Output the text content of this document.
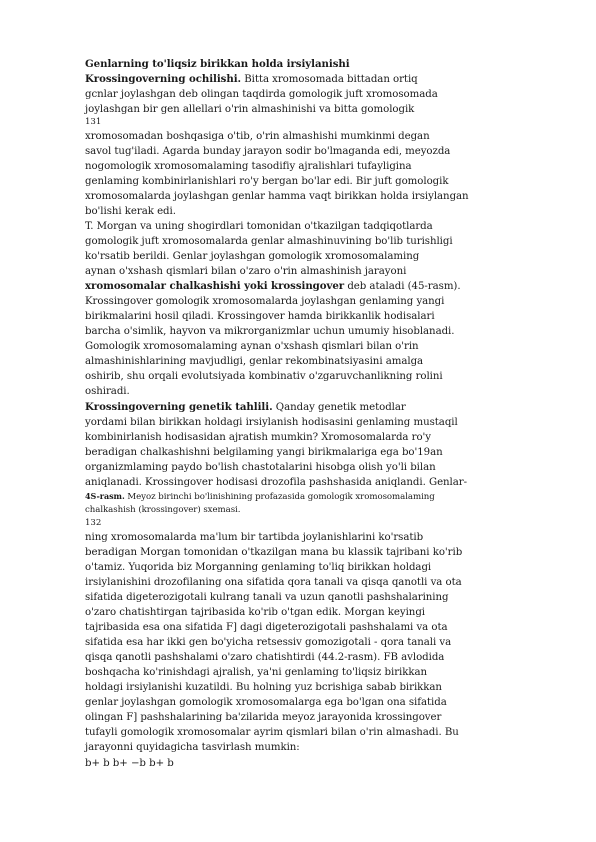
Genlarning to'liqsiz birikkan holda irsiylanishi
Krossingoverning ochilishi. Bitta xromosomada bittadan ortiq
gcnlar joylashgan deb olingan taqdirda gomologik juft xromosomada
joylashgan bir gen allellari o'rin almashinishi va bitta gomologik
131
xromosomadan boshqasiga o'tib, o'rin almashishi mumkinmi degan
savol tug'iladi. Agarda bunday jarayon sodir bo'lmaganda edi, meyozda
nogomologik xromosomalaming tasodifiy ajralishlari tufayligina
genlaming kombinirlanishlari ro'y bergan bo'lar edi. Bir juft gomologik
xromosomalarda joylashgan genlar hamma vaqt birikkan holda irsiylangan
bo'lishi kerak edi.
T. Morgan va uning shogirdlari tomonidan o'tkazilgan tadqiqotlarda
gomologik juft xromosomalarda genlar almashinuvining bo'lib turishligi
ko'rsatib berildi. Genlar joylashgan gomologik xromosomalaming
aynan o'xshash qismlari bilan o'zaro o'rin almashinish jarayoni
xromosomalar chalkashishi yoki krossingover deb ataladi (45-rasm).
Krossingover gomologik xromosomalarda joylashgan genlaming yangi
birikmalarini hosil qiladi. Krossingover hamda birikkanlik hodisalari
barcha o'simlik, hayvon va mikrorganizmlar uchun umumiy hisoblanadi.
Gomologik xromosomalaming aynan o'xshash qismlari bilan o'rin
almashinishlarining mavjudligi, genlar rekombinatsiyasini amalga
oshirib, shu orqali evolutsiyada kombinativ o'zgaruvchanlikning rolini
oshiradi.
Krossingoverning genetik tahlili. Qanday genetik metodlar
yordami bilan birikkan holdagi irsiylanish hodisasini genlaming mustaqil
kombinirlanish hodisasidan ajratish mumkin? Xromosomalarda ro'y
beradigan chalkashishni belgilaming yangi birikmalariga ega bo'19an
organizmlaming paydo bo'lish chastotalarini hisobga olish yo'li bilan
aniqlanadi. Krossingover hodisasi drozofila pashshasida aniqlandi. Genlar-
4S-rasm. Meyoz birinchi bo'linishining profazasida gomologik xromosomalaming
chalkashish (krossingover) sxemasi.
132
ning xromosomalarda ma'lum bir tartibda joylanishlarini ko'rsatib
beradigan Morgan tomonidan o'tkazilgan mana bu klassik tajribani ko'rib
o'tamiz. Yuqorida biz Morganning genlaming to'liq birikkan holdagi
irsiylanishini drozofilaning ona sifatida qora tanali va qisqa qanotli va ota
sifatida digeterozigotali kulrang tanali va uzun qanotli pashshalarining
o'zaro chatishtirgan tajribasida ko'rib o'tgan edik. Morgan keyingi
tajribasida esa ona sifatida F] dagi digeterozigotali pashshalami va ota
sifatida esa har ikki gen bo'yicha retsessiv gomozigotali - qora tanali va
qisqa qanotli pashshalami o'zaro chatishtirdi (44.2-rasm). FB avlodida
boshqacha ko'rinishdagi ajralish, ya'ni genlaming to'liqsiz birikkan
holdagi irsiylanishi kuzatildi. Bu holning yuz bcrishiga sabab birikkan
genlar joylashgan gomologik xromosomalarga ega bo'lgan ona sifatida
olingan F] pashshalarining ba'zilarida meyoz jarayonida krossingover
tufayli gomologik xromosomalar ayrim qismlari bilan o'rin almashadi. Bu
jarayonni quyidagicha tasvirlash mumkin:
b+ b b+ −b b+ b
